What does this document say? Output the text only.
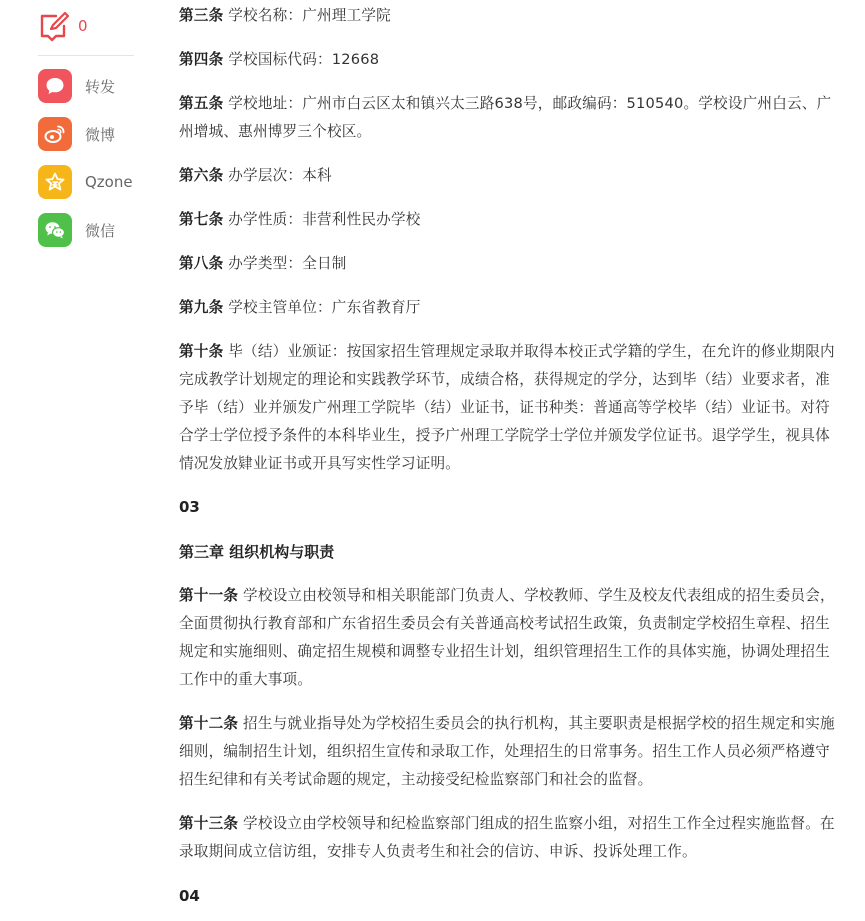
0
转发
微博
Qzone
微信

第三条 学校名称：广州理工学院

第四条 学校国标代码：12668

第五条 学校地址：广州市白云区太和镇兴太三路638号，邮政编码：510540。学校设广州白云、广州增城、惠州博罗三个校区。

第六条 办学层次：本科

第七条 办学性质：非营利性民办学校

第八条 办学类型：全日制

第九条 学校主管单位：广东省教育厅

第十条 毕（结）业颁证：按国家招生管理规定录取并取得本校正式学籍的学生，在允许的修业期限内完成教学计划规定的理论和实践教学环节，成绩合格，获得规定的学分，达到毕（结）业要求者，准予毕（结）业并颁发广州理工学院毕（结）业证书，证书种类：普通高等学校毕（结）业证书。对符合学士学位授予条件的本科毕业生，授予广州理工学院学士学位并颁发学位证书。退学学生，视具体情况发放肄业证书或开具写实性学习证明。

03

第三章 组织机构与职责

第十一条 学校设立由校领导和相关职能部门负责人、学校教师、学生及校友代表组成的招生委员会，全面贯彻执行教育部和广东省招生委员会有关普通高校考试招生政策，负责制定学校招生章程、招生规定和实施细则、确定招生规模和调整专业招生计划，组织管理招生工作的具体实施，协调处理招生工作中的重大事项。

第十二条 招生与就业指导处为学校招生委员会的执行机构，其主要职责是根据学校的招生规定和实施细则，编制招生计划，组织招生宣传和录取工作，处理招生的日常事务。招生工作人员必须严格遵守招生纪律和有关考试命题的规定，主动接受纪检监察部门和社会的监督。

第十三条 学校设立由学校领导和纪检监察部门组成的招生监察小组，对招生工作全过程实施监督。在录取期间成立信访组，安排专人负责考生和社会的信访、申诉、投诉处理工作。

04
